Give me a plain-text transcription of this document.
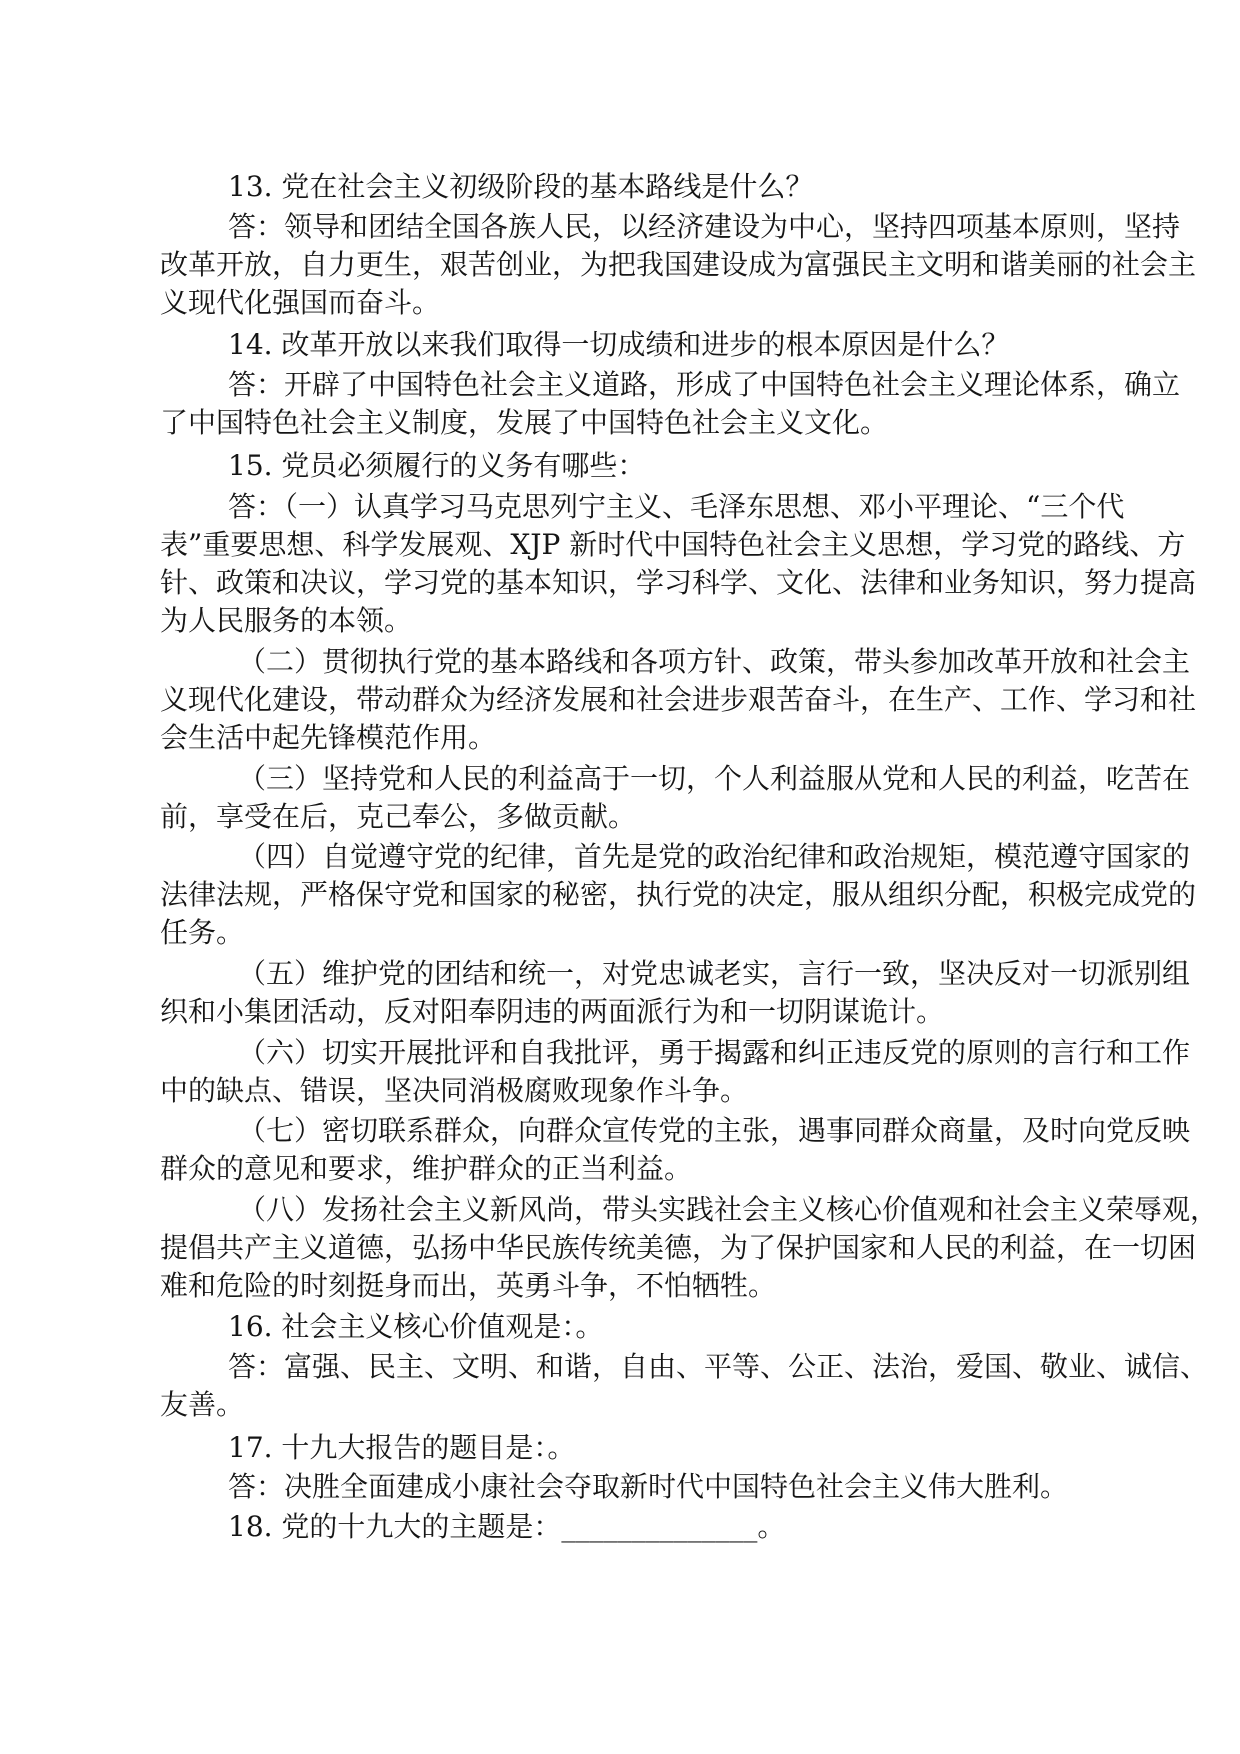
13. 党在社会主义初级阶段的基本路线是什么？
答：领导和团结全国各族人民，以经济建设为中心，坚持四项基本原则，坚持
改革开放，自力更生，艰苦创业，为把我国建设成为富强民主文明和谐美丽的社会主
义现代化强国而奋斗。
14. 改革开放以来我们取得一切成绩和进步的根本原因是什么？
答：开辟了中国特色社会主义道路，形成了中国特色社会主义理论体系，确立
了中国特色社会主义制度，发展了中国特色社会主义文化。
15. 党员必须履行的义务有哪些：
答：（一）认真学习马克思列宁主义、毛泽东思想、邓小平理论、“三个代
表”重要思想、科学发展观、XJP 新时代中国特色社会主义思想，学习党的路线、方
针、政策和决议，学习党的基本知识，学习科学、文化、法律和业务知识，努力提高
为人民服务的本领。
（二）贯彻执行党的基本路线和各项方针、政策，带头参加改革开放和社会主
义现代化建设，带动群众为经济发展和社会进步艰苦奋斗，在生产、工作、学习和社
会生活中起先锋模范作用。
（三）坚持党和人民的利益高于一切，个人利益服从党和人民的利益，吃苦在
前，享受在后，克己奉公，多做贡献。
（四）自觉遵守党的纪律，首先是党的政治纪律和政治规矩，模范遵守国家的
法律法规，严格保守党和国家的秘密，执行党的决定，服从组织分配，积极完成党的
任务。
（五）维护党的团结和统一，对党忠诚老实，言行一致，坚决反对一切派别组
织和小集团活动，反对阳奉阴违的两面派行为和一切阴谋诡计。
（六）切实开展批评和自我批评，勇于揭露和纠正违反党的原则的言行和工作
中的缺点、错误，坚决同消极腐败现象作斗争。
（七）密切联系群众，向群众宣传党的主张，遇事同群众商量，及时向党反映
群众的意见和要求，维护群众的正当利益。
（八）发扬社会主义新风尚，带头实践社会主义核心价值观和社会主义荣辱观，
提倡共产主义道德，弘扬中华民族传统美德，为了保护国家和人民的利益，在一切困
难和危险的时刻挺身而出，英勇斗争，不怕牺牲。
16. 社会主义核心价值观是：。
答：富强、民主、文明、和谐，自由、平等、公正、法治，爱国、敬业、诚信、
友善。
17. 十九大报告的题目是：。
答：决胜全面建成小康社会夺取新时代中国特色社会主义伟大胜利。
18. 党的十九大的主题是：______________。
